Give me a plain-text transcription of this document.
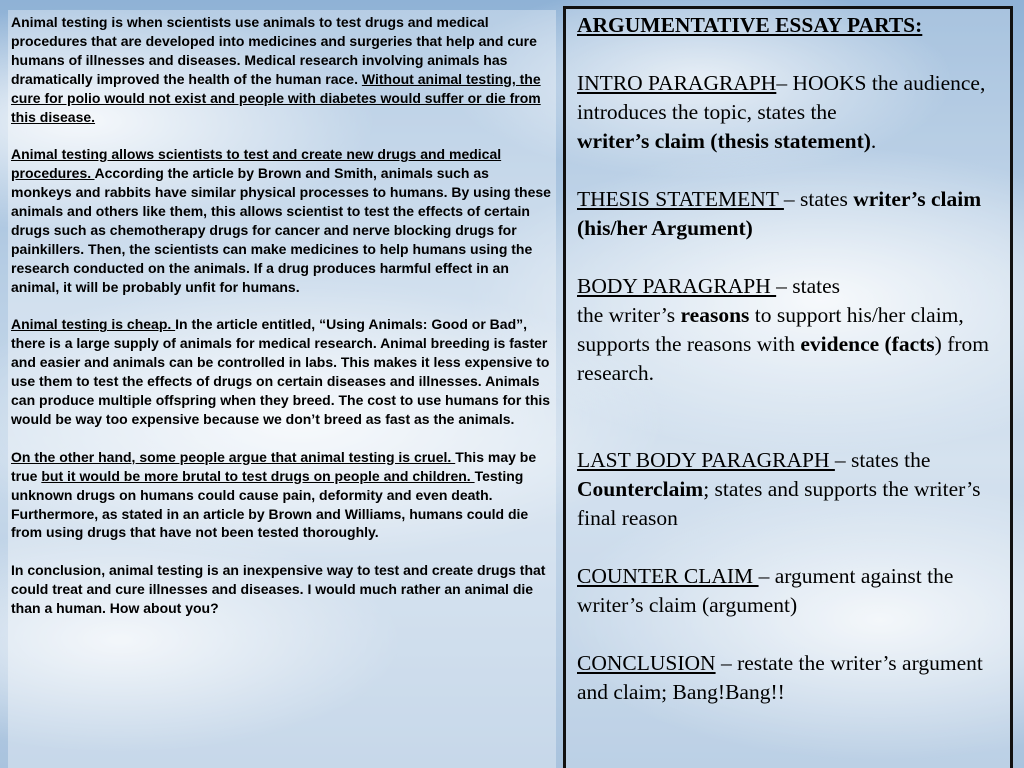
Animal testing is when scientists use animals to test drugs and medical procedures that are developed into medicines and surgeries that help and cure humans of illnesses and diseases. Medical research involving animals has dramatically improved the health of the human race. Without animal testing, the cure for polio would not exist and people with diabetes would suffer or die from this disease.

Animal testing allows scientists to test and create new drugs and medical procedures. According the article by Brown and Smith, animals such as monkeys and rabbits have similar physical processes to humans. By using these animals and others like them, this allows scientist to test the effects of certain drugs such as chemotherapy drugs for cancer and nerve blocking drugs for painkillers. Then, the scientists can make medicines to help humans using the research conducted on the animals. If a drug produces harmful effect in an animal, it will be probably unfit for humans.

Animal testing is cheap. In the article entitled, “Using Animals: Good or Bad”, there is a large supply of animals for medical research. Animal breeding is faster and easier and animals can be controlled in labs. This makes it less expensive to use them to test the effects of drugs on certain diseases and illnesses. Animals can produce multiple offspring when they breed. The cost to use humans for this would be way too expensive because we don’t breed as fast as the animals.

On the other hand, some people argue that animal testing is cruel. This may be true but it would be more brutal to test drugs on people and children. Testing unknown drugs on humans could cause pain, deformity and even death. Furthermore, as stated in an article by Brown and Williams, humans could die from using drugs that have not been tested thoroughly.

In conclusion, animal testing is an inexpensive way to test and create drugs that could treat and cure illnesses and diseases. I would much rather an animal die than a human. How about you?

ARGUMENTATIVE ESSAY PARTS:

INTRO PARAGRAPH– HOOKS the audience,
introduces the topic, states the
writer’s claim (thesis statement).

THESIS STATEMENT – states writer’s claim (his/her Argument)

BODY PARAGRAPH – states
the writer’s reasons to support his/her claim, supports the reasons with evidence (facts) from research.

LAST BODY PARAGRAPH – states the
Counterclaim; states and supports the writer’s final reason

COUNTER CLAIM – argument against the writer’s claim (argument)

CONCLUSION – restate the writer’s argument and claim; Bang!Bang!!
